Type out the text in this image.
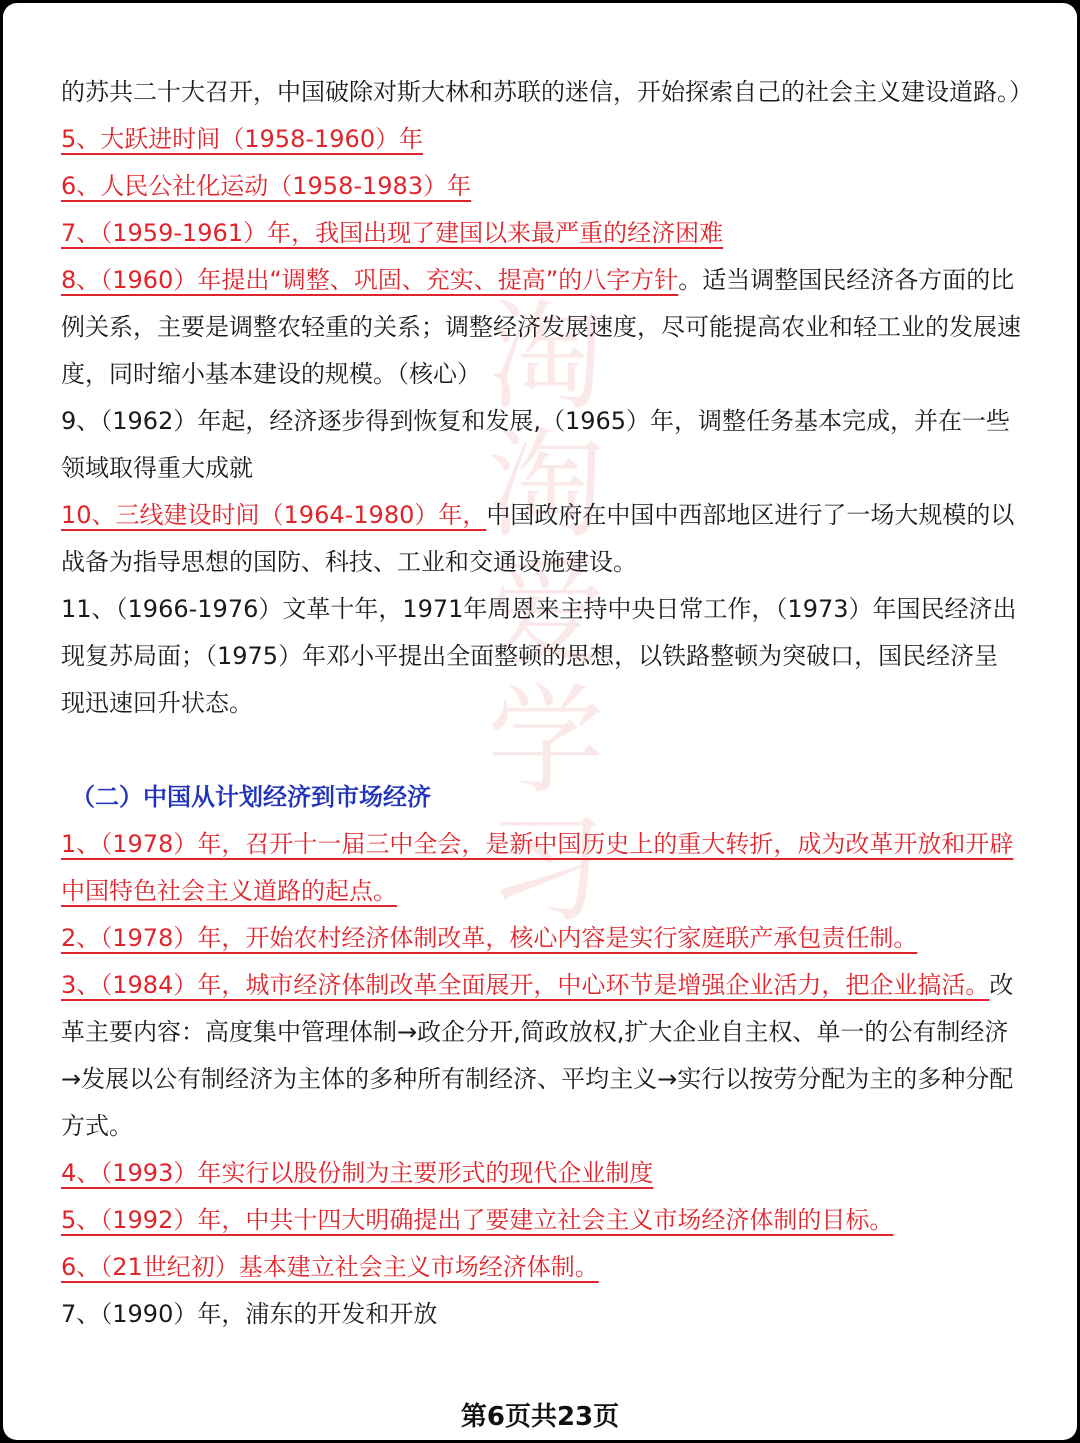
淘
淘
爱
学
习

的苏共二十大召开，中国破除对斯大林和苏联的迷信，开始探索自己的社会主义建设道路。）

5、大跃进时间（1958-1960）年

6、人民公社化运动（1958-1983）年

7、（1959-1961）年，我国出现了建国以来最严重的经济困难

8、（1960）年提出“调整、巩固、充实、提高”的八字方针。适当调整国民经济各方面的比例关系，主要是调整农轻重的关系；调整经济发展速度，尽可能提高农业和轻工业的发展速度，同时缩小基本建设的规模。（核心）

9、（1962）年起，经济逐步得到恢复和发展,（1965）年，调整任务基本完成，并在一些领域取得重大成就

10、三线建设时间（1964-1980）年，中国政府在中国中西部地区进行了一场大规模的以战备为指导思想的国防、科技、工业和交通设施建设。

11、（1966-1976）文革十年，1971年周恩来主持中央日常工作，（1973）年国民经济出现复苏局面；（1975）年邓小平提出全面整顿的思想，以铁路整顿为突破口，国民经济呈现迅速回升状态。

（二）中国从计划经济到市场经济

1、（1978）年，召开十一届三中全会，是新中国历史上的重大转折，成为改革开放和开辟中国特色社会主义道路的起点。

2、（1978）年，开始农村经济体制改革，核心内容是实行家庭联产承包责任制。

3、（1984）年，城市经济体制改革全面展开，中心环节是增强企业活力，把企业搞活。改革主要内容：高度集中管理体制→政企分开,简政放权,扩大企业自主权、单一的公有制经济→发展以公有制经济为主体的多种所有制经济、平均主义→实行以按劳分配为主的多种分配方式。

4、（1993）年实行以股份制为主要形式的现代企业制度

5、（1992）年，中共十四大明确提出了要建立社会主义市场经济体制的目标。

6、（21世纪初）基本建立社会主义市场经济体制。

7、（1990）年，浦东的开发和开放

第6页共23页
